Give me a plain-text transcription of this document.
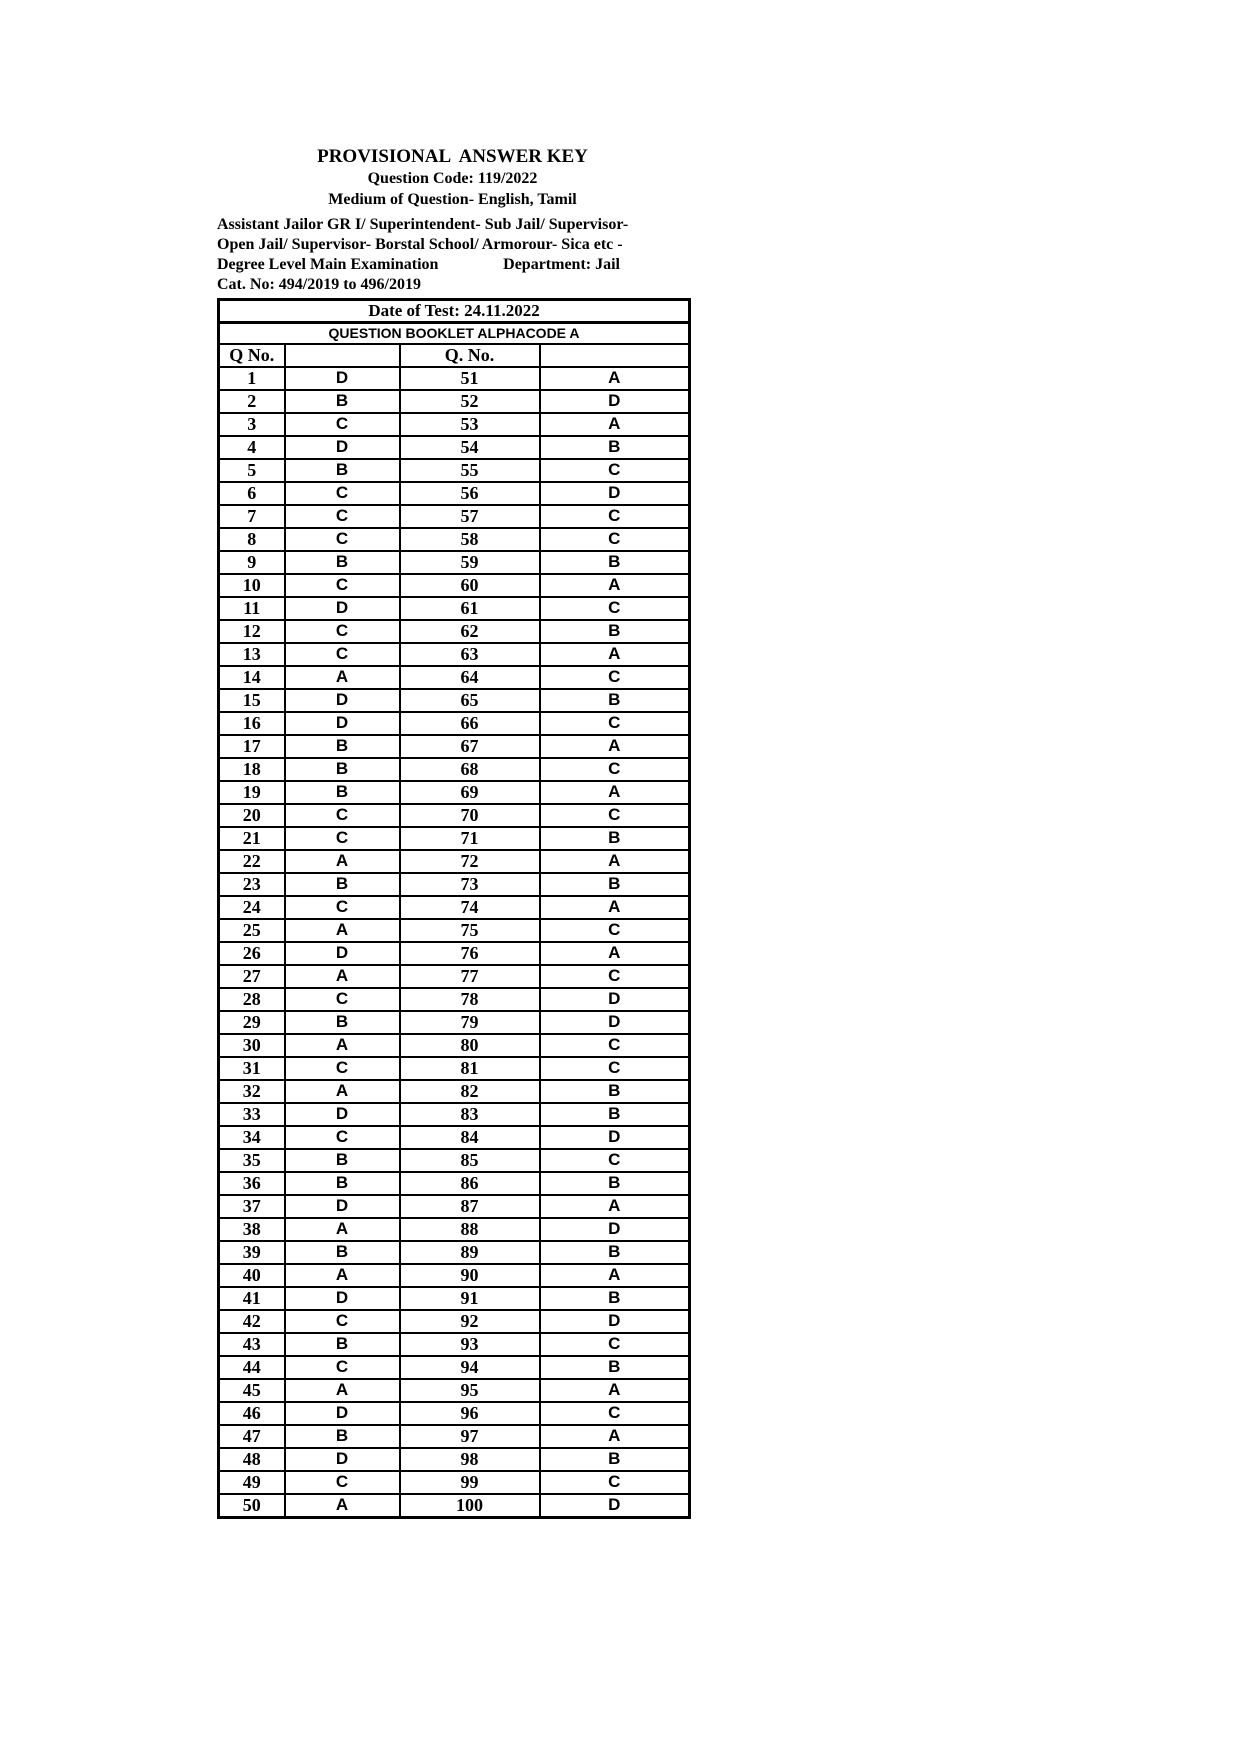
PROVISIONAL  ANSWER KEY
Question Code: 119/2022
Medium of Question- English, Tamil
Assistant Jailor GR I/ Superintendent- Sub Jail/ Supervisor-
Open Jail/ Supervisor- Borstal School/ Armorour- Sica etc -
Degree Level Main Examination	Department: Jail
Cat. No: 494/2019 to 496/2019
Date of Test: 24.11.2022			
QUESTION BOOKLET ALPHACODE A			
Q No.		Q. No.	
1	D	51	A
2	B	52	D
3	C	53	A
4	D	54	B
5	B	55	C
6	C	56	D
7	C	57	C
8	C	58	C
9	B	59	B
10	C	60	A
11	D	61	C
12	C	62	B
13	C	63	A
14	A	64	C
15	D	65	B
16	D	66	C
17	B	67	A
18	B	68	C
19	B	69	A
20	C	70	C
21	C	71	B
22	A	72	A
23	B	73	B
24	C	74	A
25	A	75	C
26	D	76	A
27	A	77	C
28	C	78	D
29	B	79	D
30	A	80	C
31	C	81	C
32	A	82	B
33	D	83	B
34	C	84	D
35	B	85	C
36	B	86	B
37	D	87	A
38	A	88	D
39	B	89	B
40	A	90	A
41	D	91	B
42	C	92	D
43	B	93	C
44	C	94	B
45	A	95	A
46	D	96	C
47	B	97	A
48	D	98	B
49	C	99	C
50	A	100	D
